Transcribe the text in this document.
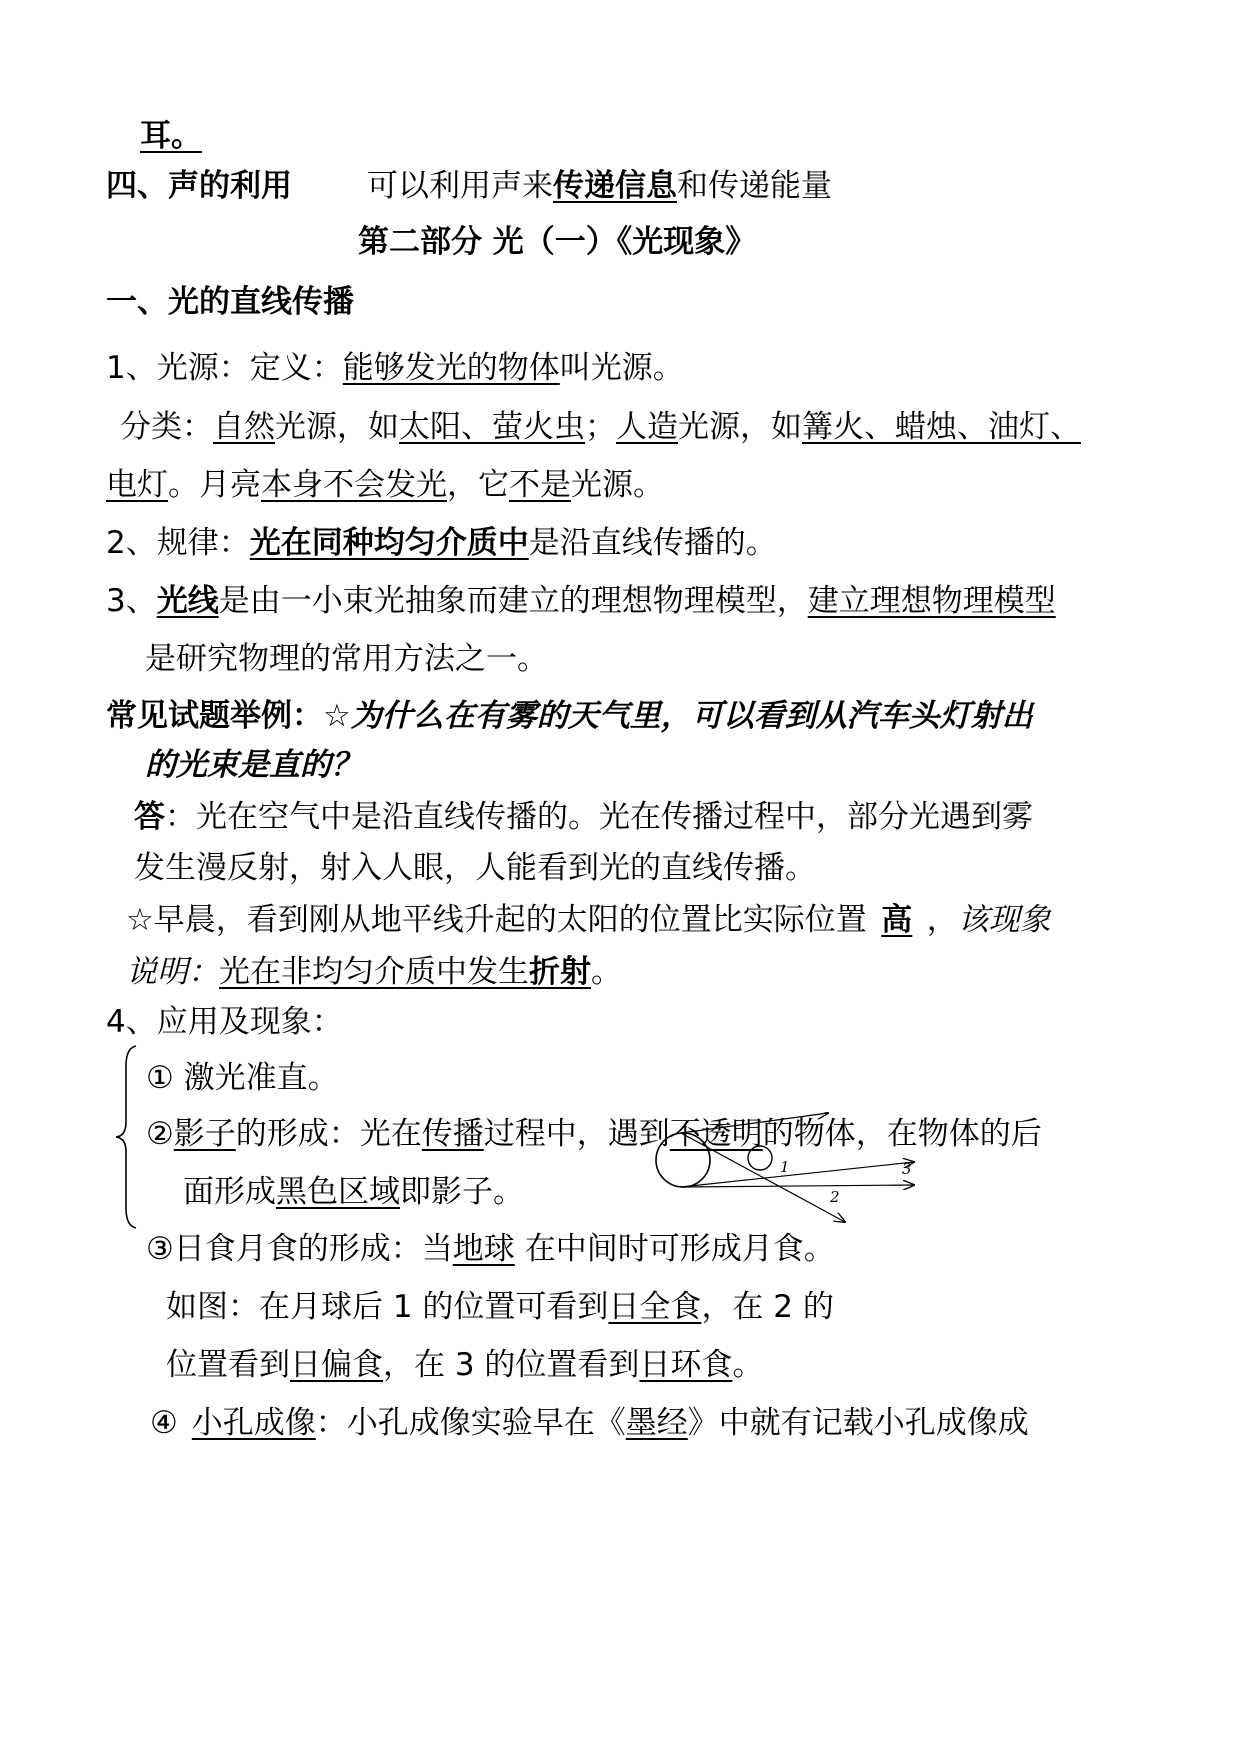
耳。
四、声的利用 可以利用声来传递信息和传递能量
第二部分 光（一）《光现象》
一、光的直线传播
1、光源：定义：能够发光的物体叫光源。
分类：自然光源，如太阳、萤火虫；人造光源，如篝火、蜡烛、油灯、
电灯。月亮本身不会发光，它不是光源。
2、规律：光在同种均匀介质中是沿直线传播的。
3、光线是由一小束光抽象而建立的理想物理模型，建立理想物理模型
是研究物理的常用方法之一。
常见试题举例：☆为什么在有雾的天气里，可以看到从汽车头灯射出
的光束是直的？
答：光在空气中是沿直线传播的。光在传播过程中，部分光遇到雾
发生漫反射，射入人眼，人能看到光的直线传播。
☆早晨，看到刚从地平线升起的太阳的位置比实际位置 高 ，该现象
说明：光在非均匀介质中发生折射。
4、应用及现象：
① 激光准直。
②影子的形成：光在传播过程中，遇到不透明的物体，在物体的后
面形成黑色区域即影子。
1
2
3
③日食月食的形成：当地球 在中间时可形成月食。
如图：在月球后 1 的位置可看到日全食，在 2 的
位置看到日偏食，在 3 的位置看到日环食。
④ 小孔成像：小孔成像实验早在《墨经》中就有记载小孔成像成
